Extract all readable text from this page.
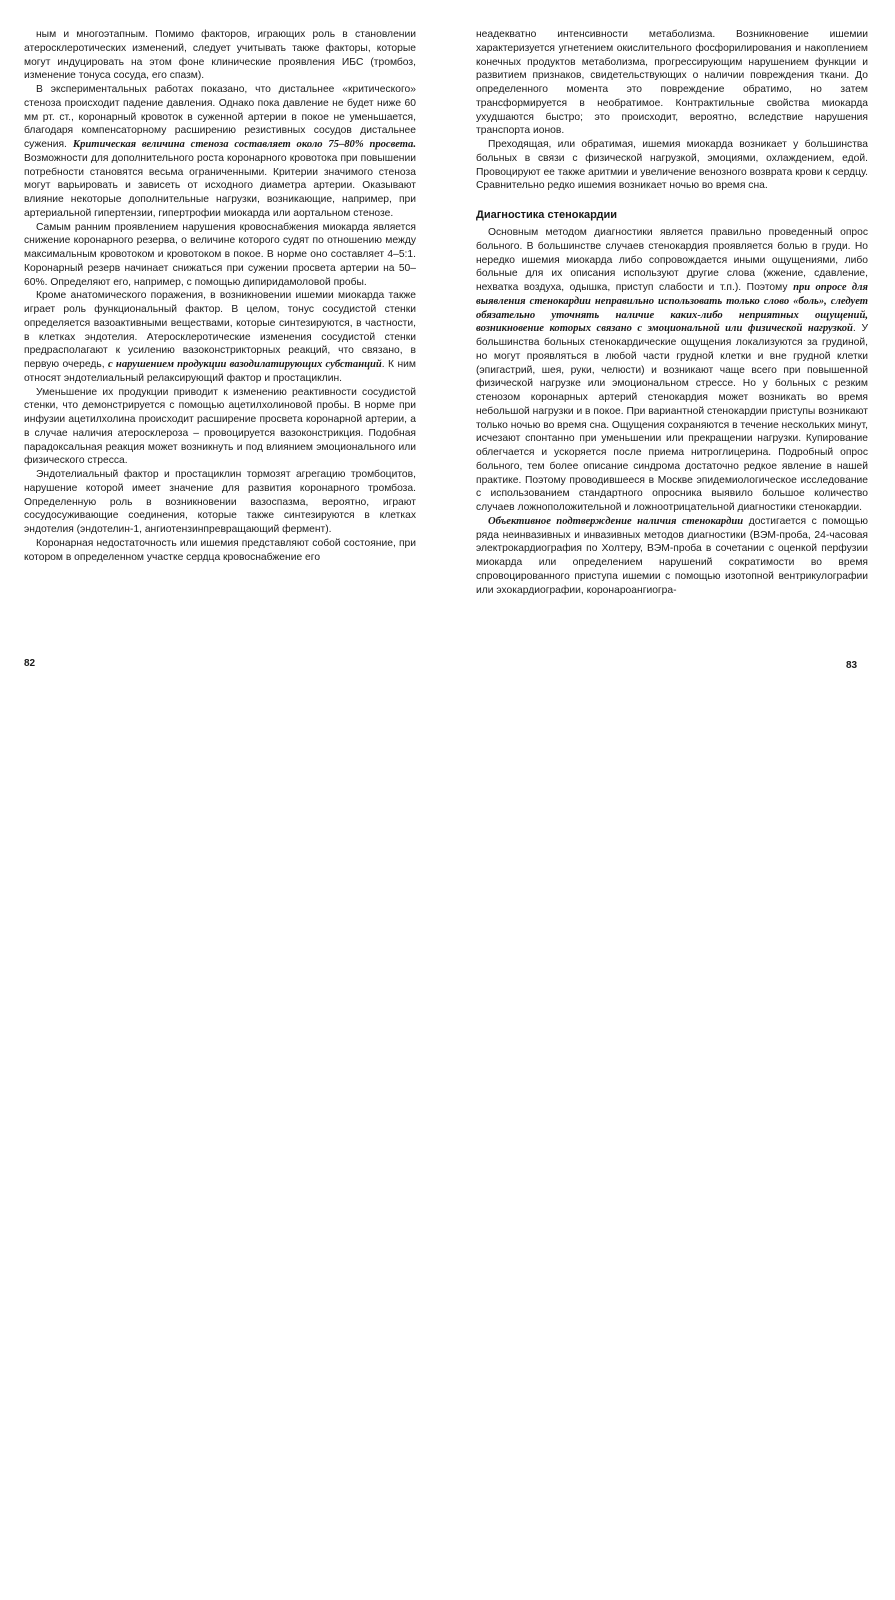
ным и многоэтапным. Помимо факторов, играющих роль в становлении атеросклеротических изменений, следует учитывать также факторы, которые могут индуцировать на этом фоне клинические проявления ИБС (тромбоз, изменение тонуса сосуда, его спазм).

В экспериментальных работах показано, что дистальнее «критического» стеноза происходит падение давления. Однако пока давление не будет ниже 60 мм рт. ст., коронарный кровоток в суженной артерии в покое не уменьшается, благодаря компенсаторному расширению резистивных сосудов дистальнее сужения. Критическая величина стеноза составляет около 75–80% просвета. Возможности для дополнительного роста коронарного кровотока при повышении потребности становятся весьма ограниченными. Критерии значимого стеноза могут варьировать и зависеть от исходного диаметра артерии. Оказывают влияние некоторые дополнительные нагрузки, возникающие, например, при артериальной гипертензии, гипертрофии миокарда или аортальном стенозе.

Самым ранним проявлением нарушения кровоснабжения миокарда является снижение коронарного резерва, о величине которого судят по отношению между максимальным кровотоком и кровотоком в покое. В норме оно составляет 4–5:1. Коронарный резерв начинает снижаться при сужении просвета артерии на 50–60%. Определяют его, например, с помощью дипиридамоловой пробы.

Кроме анатомического поражения, в возникновении ишемии миокарда также играет роль функциональный фактор. В целом, тонус сосудистой стенки определяется вазоактивными веществами, которые синтезируются, в частности, в клетках эндотелия. Атеросклеротические изменения сосудистой стенки предрасполагают к усилению вазоконстрикторных реакций, что связано, в первую очередь, с нарушением продукции вазодилатирующих субстанций. К ним относят эндотелиальный релаксирующий фактор и простациклин.

Уменьшение их продукции приводит к изменению реактивности сосудистой стенки, что демонстрируется с помощью ацетилхолиновой пробы. В норме при инфузии ацетилхолина происходит расширение просвета коронарной артерии, а в случае наличия атеросклероза – провоцируется вазоконстрикция. Подобная парадоксальная реакция может возникнуть и под влиянием эмоционального или физического стресса.

Эндотелиальный фактор и простациклин тормозят агрегацию тромбоцитов, нарушение которой имеет значение для развития коронарного тромбоза. Определенную роль в возникновении вазоспазма, вероятно, играют сосудосуживающие соединения, которые также синтезируются в клетках эндотелия (эндотелин-1, ангиотензинпревращающий фермент).

Коронарная недостаточность или ишемия представляют собой состояние, при котором в определенном участке сердца кровоснабжение его

82

неадекватно интенсивности метаболизма. Возникновение ишемии характеризуется угнетением окислительного фосфорилирования и накоплением конечных продуктов метаболизма, прогрессирующим нарушением функции и развитием признаков, свидетельствующих о наличии повреждения ткани. До определенного момента это повреждение обратимо, но затем трансформируется в необратимое. Контрактильные свойства миокарда ухудшаются быстро; это происходит, вероятно, вследствие нарушения транспорта ионов.

Преходящая, или обратимая, ишемия миокарда возникает у большинства больных в связи с физической нагрузкой, эмоциями, охлаждением, едой. Провоцируют ее также аритмии и увеличение венозного возврата крови к сердцу. Сравнительно редко ишемия возникает ночью во время сна.

Диагностика стенокардии

Основным методом диагностики является правильно проведенный опрос больного. В большинстве случаев стенокардия проявляется болью в груди. Но нередко ишемия миокарда либо сопровождается иными ощущениями, либо больные для их описания используют другие слова (жжение, сдавление, нехватка воздуха, одышка, приступ слабости и т.п.). Поэтому при опросе для выявления стенокардии неправильно использовать только слово «боль», следует обязательно уточнять наличие каких-либо неприятных ощущений, возникновение которых связано с эмоциональной или физической нагрузкой. У большинства больных стенокардические ощущения локализуются за грудиной, но могут проявляться в любой части грудной клетки и вне грудной клетки (эпигастрий, шея, руки, челюсти) и возникают чаще всего при повышенной физической нагрузке или эмоциональном стрессе. Но у больных с резким стенозом коронарных артерий стенокардия может возникать во время небольшой нагрузки и в покое. При вариантной стенокардии приступы возникают только ночью во время сна. Ощущения сохраняются в течение нескольких минут, исчезают спонтанно при уменьшении или прекращении нагрузки. Купирование облегчается и ускоряется после приема нитроглицерина. Подробный опрос больного, тем более описание синдрома достаточно редкое явление в нашей практике. Поэтому проводившееся в Москве эпидемиологическое исследование с использованием стандартного опросника выявило большое количество случаев ложноположительной и ложноотрицательной диагностики стенокардии.

Объективное подтверждение наличия стенокардии достигается с помощью ряда неинвазивных и инвазивных методов диагностики (ВЭМ-проба, 24-часовая электрокардиография по Холтеру, ВЭМ-проба в сочетании с оценкой перфузии миокарда или определением нарушений сократимости во время спровоцированного приступа ишемии с помощью изотопной вентрикулографии или эхокардиографии, коронароангиогра-

83
